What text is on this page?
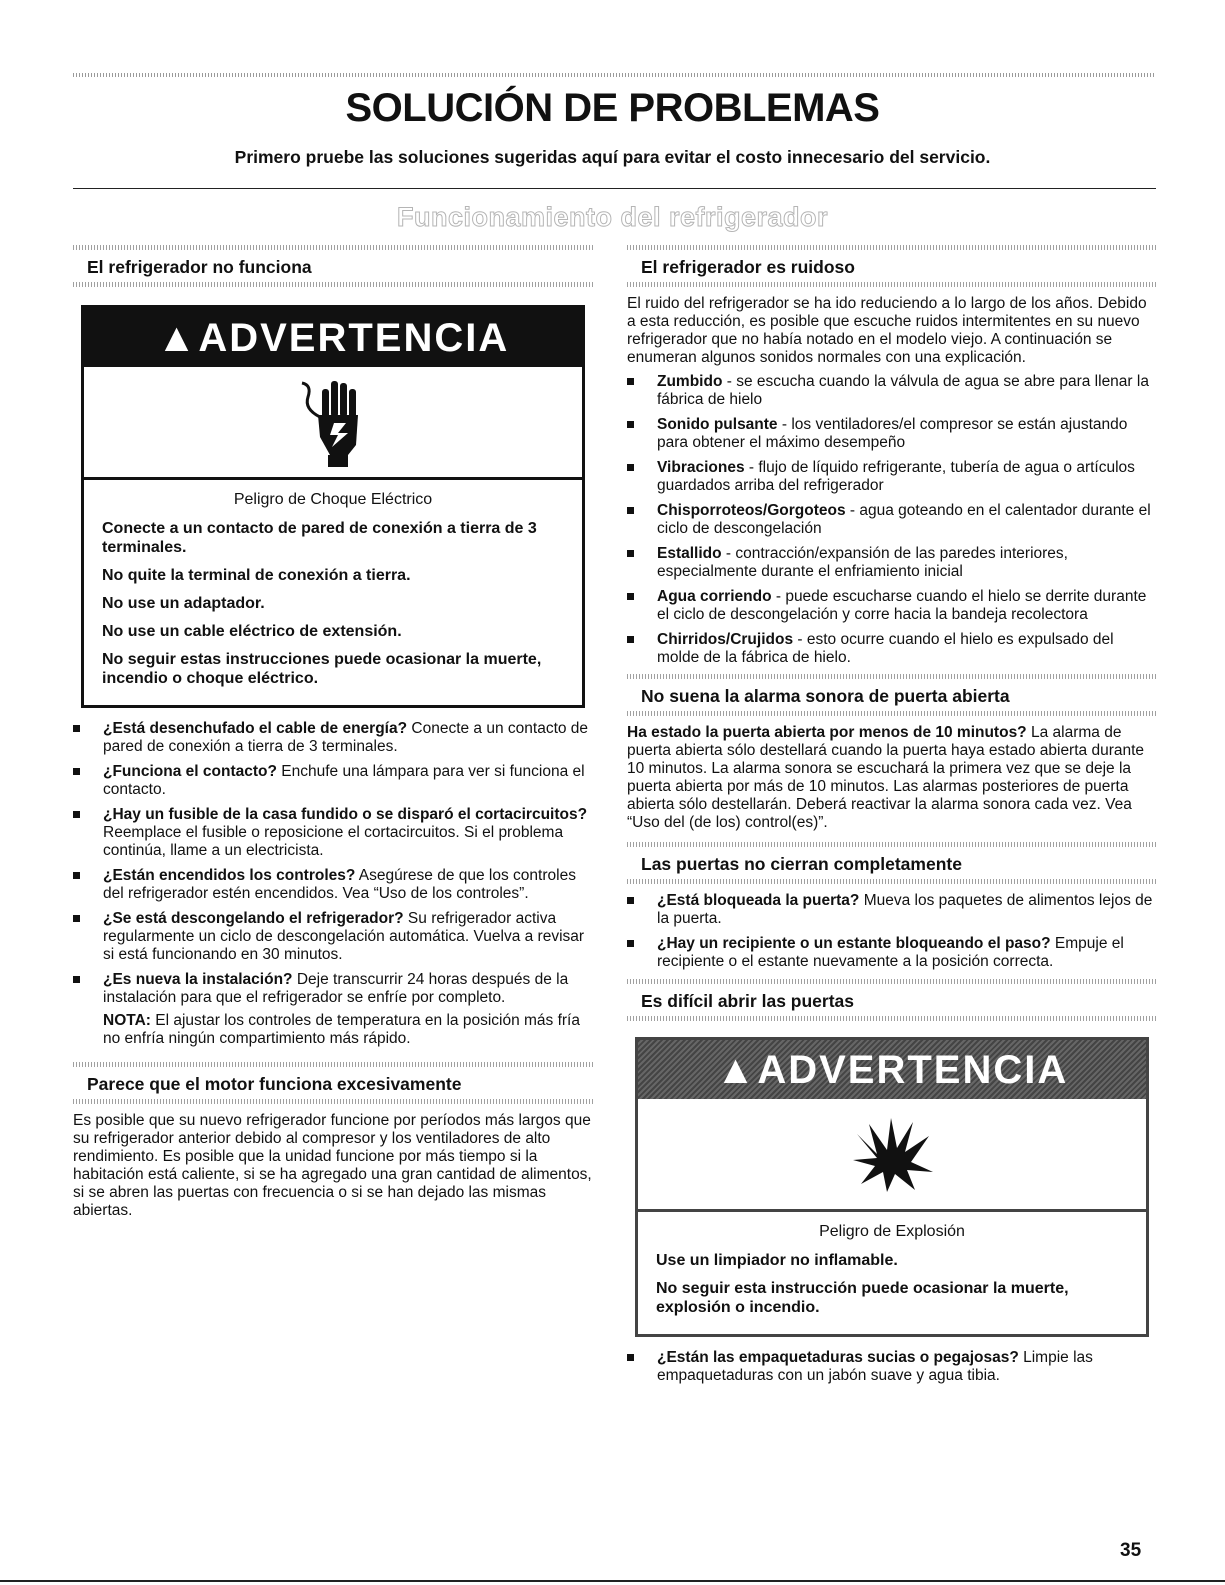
SOLUCIÓN DE PROBLEMAS

Primero pruebe las soluciones sugeridas aquí para evitar el costo innecesario del servicio.

Funcionamiento del refrigerador
El refrigerador no funciona
▲ADVERTENCIA
Peligro de Choque Eléctrico

Conecte a un contacto de pared de conexión a tierra de 3 terminales.

No quite la terminal de conexión a tierra.

No use un adaptador.

No use un cable eléctrico de extensión.

No seguir estas instrucciones puede ocasionar la muerte, incendio o choque eléctrico.

¿Está desenchufado el cable de energía? Conecte a un contacto de pared de conexión a tierra de 3 terminales.
¿Funciona el contacto? Enchufe una lámpara para ver si funciona el contacto.
¿Hay un fusible de la casa fundido o se disparó el cortacircuitos? Reemplace el fusible o reposicione el cortacircuitos. Si el problema continúa, llame a un electricista.
¿Están encendidos los controles? Asegúrese de que los controles del refrigerador estén encendidos. Vea “Uso de los controles”.
¿Se está descongelando el refrigerador? Su refrigerador activa regularmente un ciclo de descongelación automática. Vuelva a revisar si está funcionando en 30 minutos.
¿Es nueva la instalación? Deje transcurrir 24 horas después de la instalación para que el refrigerador se enfríe por completo.

NOTA: El ajustar los controles de temperatura en la posición más fría no enfría ningún compartimiento más rápido.

Parece que el motor funciona excesivamente

Es posible que su nuevo refrigerador funcione por períodos más largos que su refrigerador anterior debido al compresor y los ventiladores de alto rendimiento. Es posible que la unidad funcione por más tiempo si la habitación está caliente, si se ha agregado una gran cantidad de alimentos, si se abren las puertas con frecuencia o si se han dejado las mismas abiertas.

El refrigerador es ruidoso

El ruido del refrigerador se ha ido reduciendo a lo largo de los años. Debido a esta reducción, es posible que escuche ruidos intermitentes en su nuevo refrigerador que no había notado en el modelo viejo. A continuación se enumeran algunos sonidos normales con una explicación.

Zumbido - se escucha cuando la válvula de agua se abre para llenar la fábrica de hielo
Sonido pulsante - los ventiladores/el compresor se están ajustando para obtener el máximo desempeño
Vibraciones - flujo de líquido refrigerante, tubería de agua o artículos guardados arriba del refrigerador
Chisporroteos/Gorgoteos - agua goteando en el calentador durante el ciclo de descongelación
Estallido - contracción/expansión de las paredes interiores, especialmente durante el enfriamiento inicial
Agua corriendo - puede escucharse cuando el hielo se derrite durante el ciclo de descongelación y corre hacia la bandeja recolectora
Chirridos/Crujidos - esto ocurre cuando el hielo es expulsado del molde de la fábrica de hielo.
No suena la alarma sonora de puerta abierta

Ha estado la puerta abierta por menos de 10 minutos? La alarma de puerta abierta sólo destellará cuando la puerta haya estado abierta durante 10 minutos. La alarma sonora se escuchará la primera vez que se deje la puerta abierta por más de 10 minutos. Las alarmas posteriores de puerta abierta sólo destellarán. Deberá reactivar la alarma sonora cada vez. Vea “Uso del (de los) control(es)”.

Las puertas no cierran completamente
¿Está bloqueada la puerta? Mueva los paquetes de alimentos lejos de la puerta.
¿Hay un recipiente o un estante bloqueando el paso? Empuje el recipiente o el estante nuevamente a la posición correcta.
Es difícil abrir las puertas
▲ADVERTENCIA
Peligro de Explosión

Use un limpiador no inflamable.

No seguir esta instrucción puede ocasionar la muerte, explosión o incendio.

¿Están las empaquetaduras sucias o pegajosas? Limpie las empaquetaduras con un jabón suave y agua tibia.

35
